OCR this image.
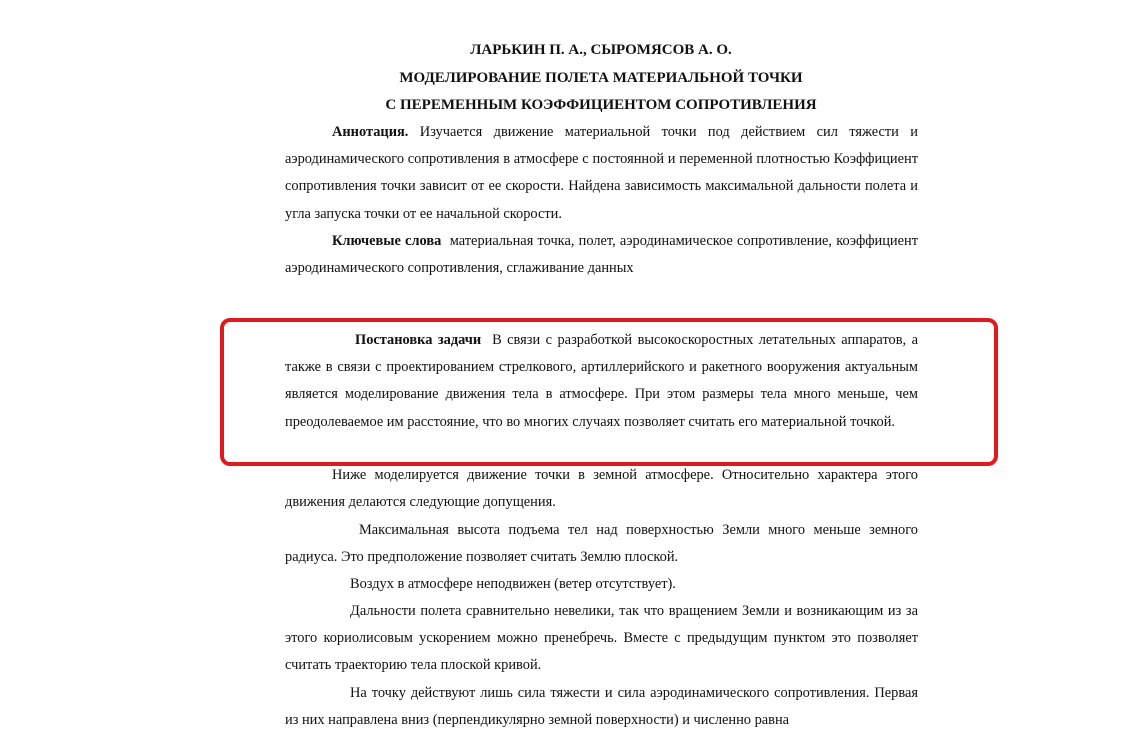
ЛАРЬКИН П. А., СЫРОМЯСОВ А. О.
МОДЕЛИРОВАНИЕ ПОЛЕТА МАТЕРИАЛЬНОЙ ТОЧКИ
С ПЕРЕМЕННЫМ КОЭФФИЦИЕНТОМ СОПРОТИВЛЕНИЯ

Аннотация. Изучается движение материальной точки под действием сил тяжести и аэродинамического сопротивления в атмосфере с постоянной и переменной плотностью Коэффициент сопротивления точки зависит от ее скорости. Найдена зависимость максимальной дальности полета и угла запуска точки от ее начальной скорости.

Ключевые слова материальная точка, полет, аэродинамическое сопротивление, коэффициент аэродинамического сопротивления, сглаживание данных

Постановка задачи В связи с разработкой высокоскоростных летательных аппаратов, а также в связи с проектированием стрелкового, артиллерийского и ракетного вооружения актуальным является моделирование движения тела в атмосфере. При этом размеры тела много меньше, чем преодолеваемое им расстояние, что во многих случаях позволяет считать его материальной точкой.

Ниже моделируется движение точки в земной атмосфере. Относительно характера этого движения делаются следующие допущения.

Максимальная высота подъема тел над поверхностью Земли много меньше земного радиуса. Это предположение позволяет считать Землю плоской.

Воздух в атмосфере неподвижен (ветер отсутствует).

Дальности полета сравнительно невелики, так что вращением Земли и возникающим из за этого кориолисовым ускорением можно пренебречь. Вместе с предыдущим пунктом это позволяет считать траекторию тела плоской кривой.

На точку действуют лишь сила тяжести и сила аэродинамического сопротивления. Первая из них направлена вниз (перпендикулярно земной поверхности) и численно равна
